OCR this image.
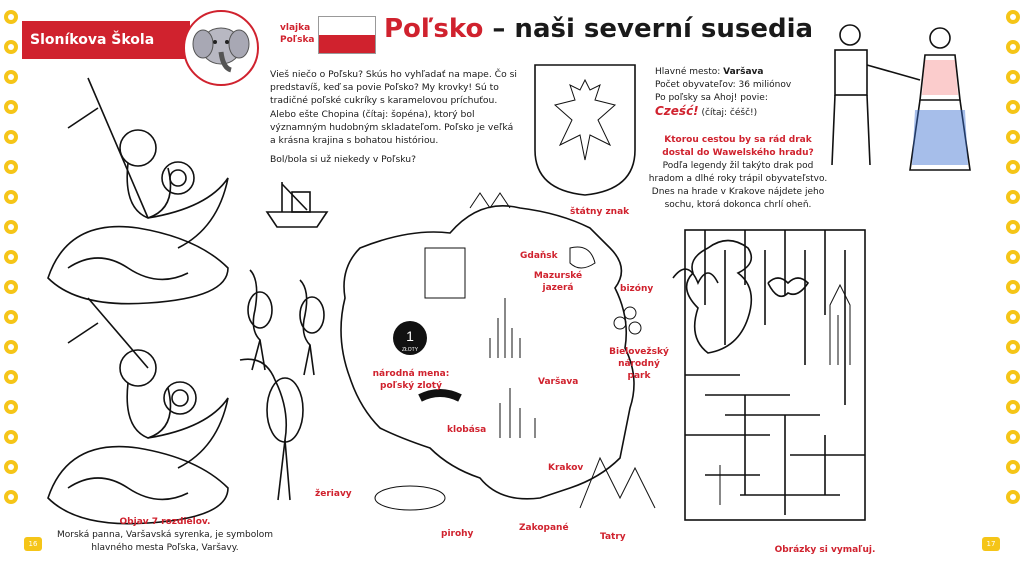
16	17
Sloníkova Škola
vlajka
Poľska	Poľsko – naši severní susedia

Vieš niečo o Poľsku? Skús ho vyhľadať na mape. Čo si predstavíš, keď sa povie Poľsko? My krovky! Sú to tradičné poľské cukríky s karamelovou príchuťou. Alebo ešte Chopina (čítaj: šopéna), ktorý bol významným hudobným skladateľom. Poľsko je veľká a krásna krajina s bohatou históriou.

Bol/bola si už niekedy v Poľsku?

Hlavné mesto: Varšava
Počet obyvateľov: 36 miliónov
Po poľsky sa Ahoj! povie:
Cześć! (čítaj: čéšč!)
Ktorou cestou by sa rád drak dostal do Wawelského hradu?
Podľa legendy žil takýto drak pod hradom a dlhé roky trápil obyvateľstvo. Dnes na hrade v Krakove nájdete jeho sochu, ktorá dokonca chrlí oheň.
1
ZŁOTY
štátny znak
Gdaňsk
Mazurské jazerá	bizóny
Bielovežský národný park
Varšava
národná mena: poľský zlotý
klobása
Krakov
žeriavy
pirohy
Zakopané
Tatry
Objav 7 rozdielov.
Morská panna, Varšavská syrenka, je symbolom hlavného mesta Poľska, Varšavy.	Obrázky si vymaľuj.
